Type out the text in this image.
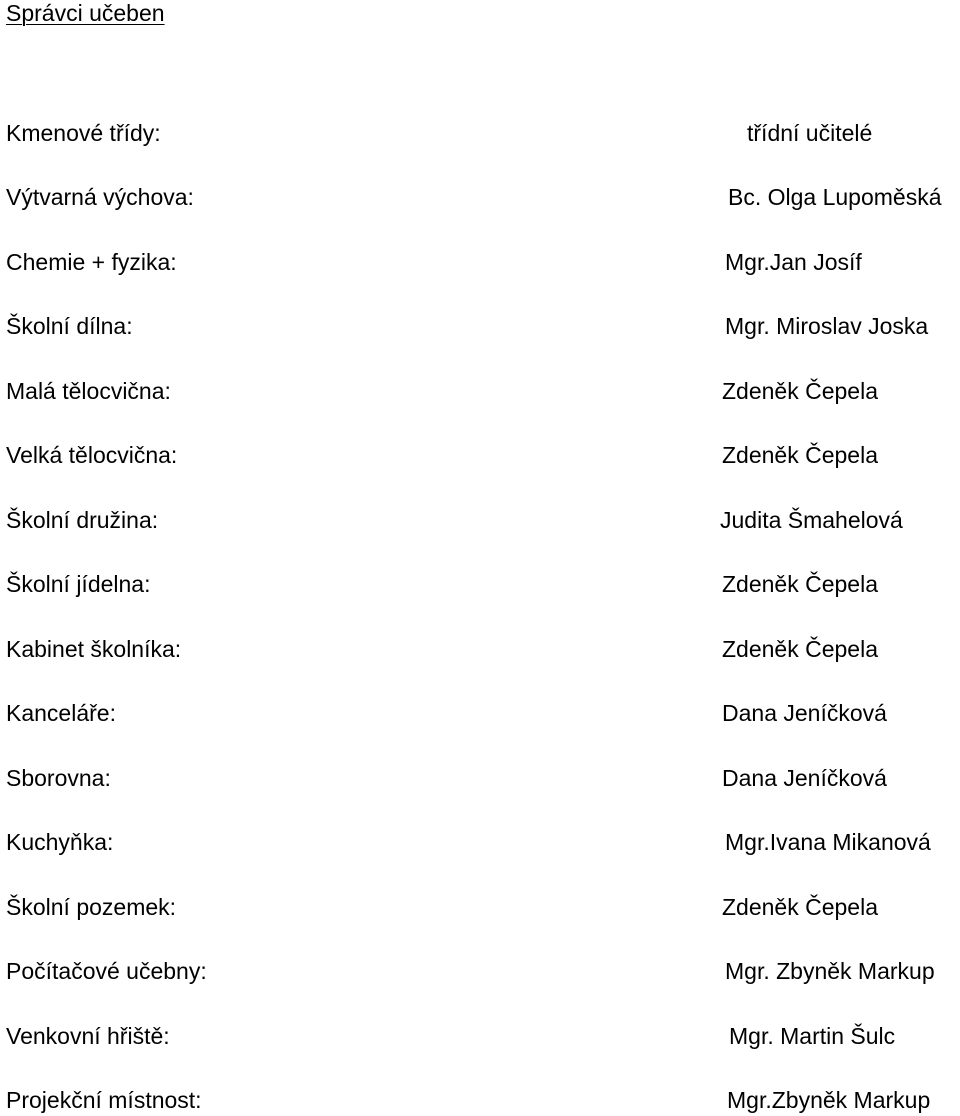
Správci učeben
Kmenové třídy:	třídní učitelé
Výtvarná výchova:	Bc. Olga Lupoměská
Chemie + fyzika:	Mgr.Jan Josíf
Školní dílna:	Mgr. Miroslav Joska
Malá tělocvična:	Zdeněk Čepela
Velká tělocvična:	Zdeněk Čepela
Školní družina:	Judita Šmahelová
Školní jídelna:	Zdeněk Čepela
Kabinet školníka:	Zdeněk Čepela
Kanceláře:	Dana Jeníčková
Sborovna:	Dana Jeníčková
Kuchyňka:	Mgr.Ivana Mikanová
Školní pozemek:	Zdeněk Čepela
Počítačové učebny:	Mgr. Zbyněk Markup
Venkovní hřiště:	Mgr. Martin Šulc
Projekční místnost:	Mgr.Zbyněk Markup
